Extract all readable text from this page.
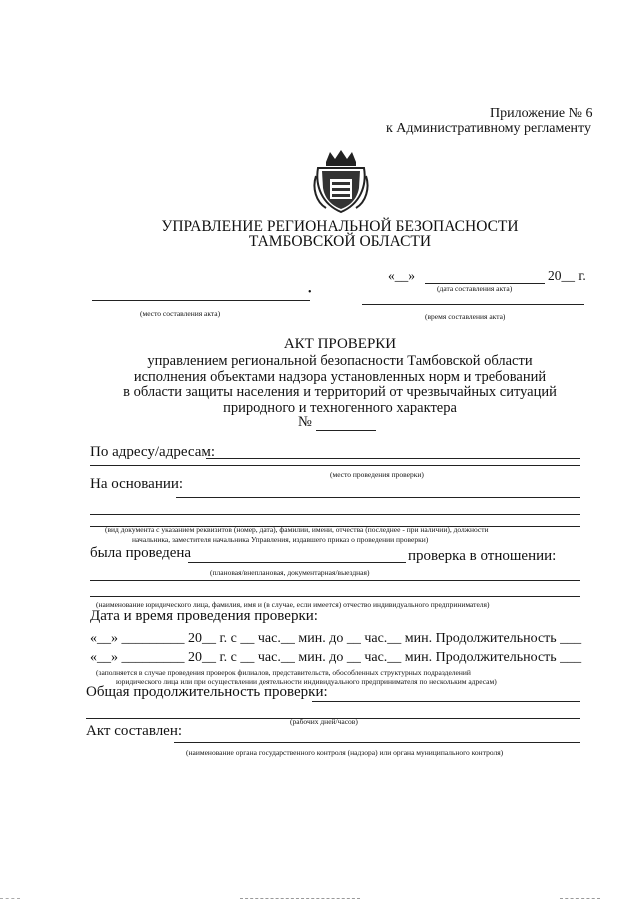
Приложение № 6
к Административному регламенту
УПРАВЛЕНИЕ РЕГИОНАЛЬНОЙ БЕЗОПАСНОСТИ
ТАМБОВСКОЙ ОБЛАСТИ
«__»	20__ г.
(дата составления акта)
•
(место составления акта)	(время составления акта)
АКТ ПРОВЕРКИ
управлением региональной безопасности Тамбовской области
исполнения объектами надзора установленных норм и требований
в области защиты населения и территорий от чрезвычайных ситуаций
природного и техногенного характера
№
По адресу/адресам:
(место проведения проверки)
На основании:
(вид документа с указанием реквизитов (номер, дата), фамилии, имени, отчества (последнее - при наличии), должности
начальника, заместителя начальника Управления, издавшего приказ о проведении проверки)
была проведена	проверка в отношении:
(плановая/внеплановая, документарная/выездная)
(наименование юридического лица, фамилия, имя и (в случае, если имеется) отчество индивидуального предпринимателя)
Дата и время проведения проверки:
«__» _________ 20__ г. с __ час.__ мин. до __ час.__ мин. Продолжительность ___
«__» _________ 20__ г. с __ час.__ мин. до __ час.__ мин. Продолжительность ___
(заполняется в случае проведения проверок филиалов, представительств, обособленных структурных подразделений
юридического лица или при осуществлении деятельности индивидуального предпринимателя по нескольким адресам)
Общая продолжительность проверки:
(рабочих дней/часов)
Акт составлен:
(наименование органа государственного контроля (надзора) или органа муниципального контроля)
